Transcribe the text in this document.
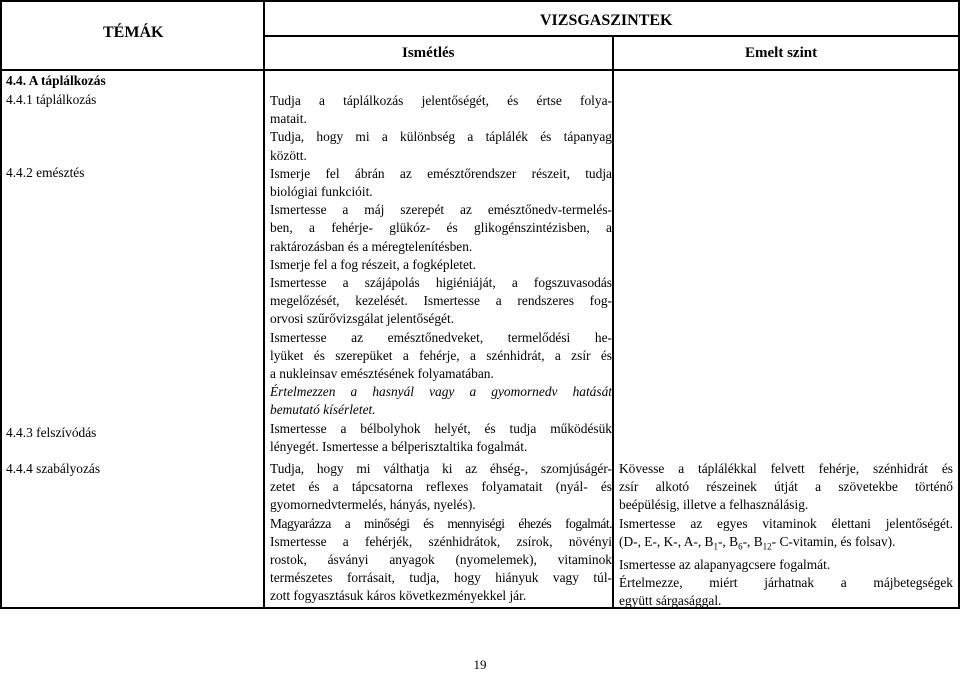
TÉMÁK
VIZSGASZINTEK
Ismétlés	Emelt szint
4.4. A táplálkozás
4.4.1 táplálkozás
4.4.2 emésztés
4.4.3 felszívódás
4.4.4 szabályozás
Tudja a táplálkozás jelentőségét, és értse folya-
matait.
Tudja, hogy mi a különbség a táplálék és tápanyag
között.
Ismerje fel ábrán az emésztőrendszer részeit, tudja
biológiai funkcióit.
Ismertesse a máj szerepét az emésztőnedv-termelés-
ben, a fehérje- glükóz- és glikogénszintézisben, a
raktározásban és a méregtelenítésben.
Ismerje fel a fog részeit, a fogképletet.
Ismertesse a szájápolás higiéniáját, a fogszuvasodás
megelőzését, kezelését. Ismertesse a rendszeres fog-
orvosi szűrővizsgálat jelentőségét.
Ismertesse az emésztőnedveket, termelődési he-
lyüket és szerepüket a fehérje, a szénhidrát, a zsír és
a nukleinsav emésztésének folyamatában.
Értelmezzen a hasnyál vagy a gyomornedv hatását
bemutató kísérletet.
Ismertesse a bélbolyhok helyét, és tudja működésük
lényegét. Ismertesse a bélperisztaltika fogalmát.
Tudja, hogy mi válthatja ki az éhség-, szomjúságér-
zetet és a tápcsatorna reflexes folyamatait (nyál- és
gyomornedvtermelés, hányás, nyelés).
Magyarázza a minőségi és mennyiségi éhezés fogalmát.
Ismertesse a fehérjék, szénhidrátok, zsírok, növényi
rostok, ásványi anyagok (nyomelemek), vitaminok
természetes forrásait, tudja, hogy hiányuk vagy túl-
zott fogyasztásuk káros következményekkel jár.
Kövesse a táplálékkal felvett fehérje, szénhidrát és
zsír alkotó részeinek útját a szövetekbe történő
beépülésig, illetve a felhasználásig.
Ismertesse az egyes vitaminok élettani jelentőségét.
(D-, E-, K-, A-, $B_1-$, $B_6-$, $B_{12}-$ C-vitamin, és folsav).
Ismertesse az alapanyagcsere fogalmát.
Értelmezze, miért járhatnak a májbetegségek
együtt sárgasággal.
19
